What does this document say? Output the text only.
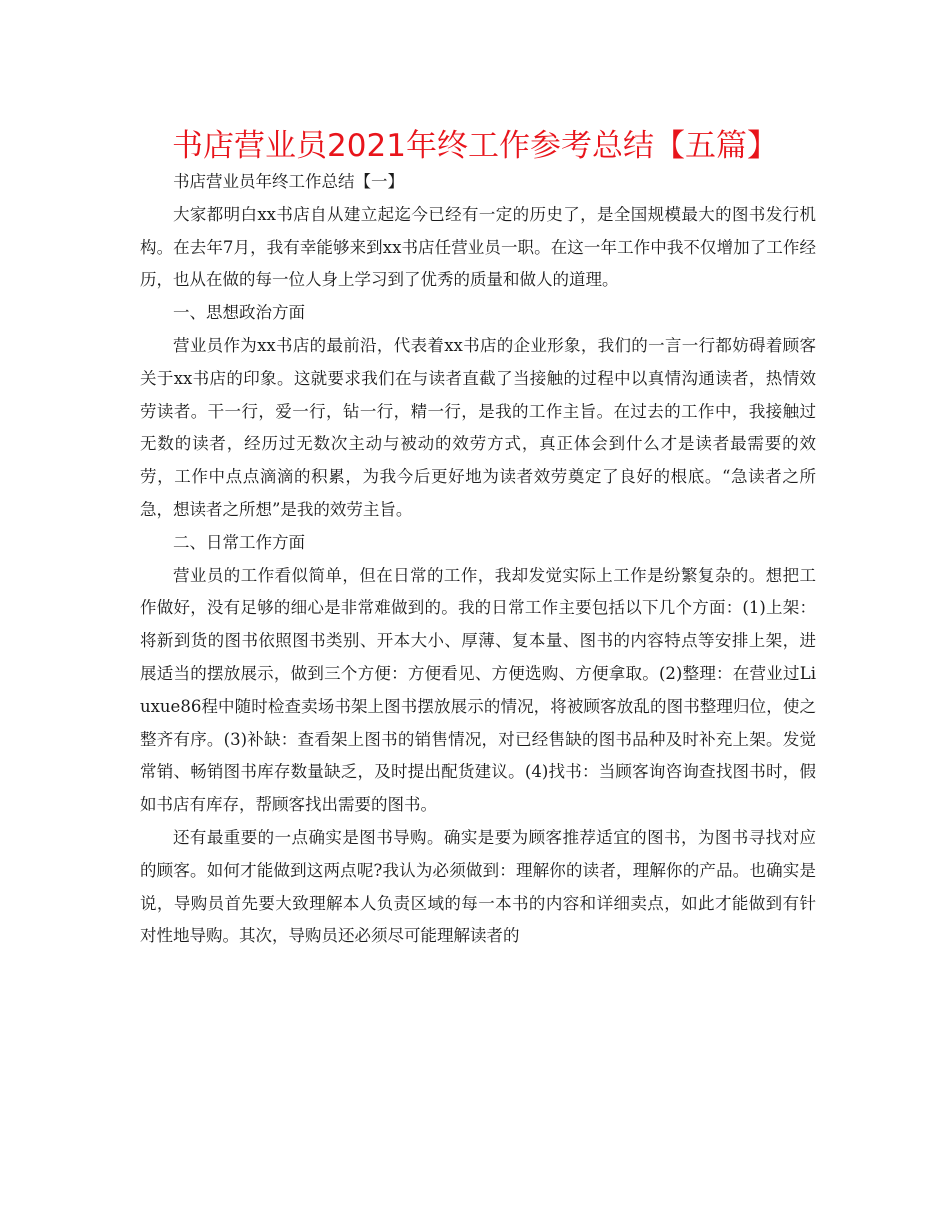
书店营业员2021年终工作参考总结【五篇】

书店营业员年终工作总结【一】

大家都明白xx书店自从建立起迄今已经有一定的历史了，是全国规模最大的图书发行机构。在去年7月，我有幸能够来到xx书店任营业员一职。在这一年工作中我不仅增加了工作经历，也从在做的每一位人身上学习到了优秀的质量和做人的道理。

一、思想政治方面

营业员作为xx书店的最前沿，代表着xx书店的企业形象，我们的一言一行都妨碍着顾客关于xx书店的印象。这就要求我们在与读者直截了当接触的过程中以真情沟通读者，热情效劳读者。干一行，爱一行，钻一行，精一行，是我的工作主旨。在过去的工作中，我接触过无数的读者，经历过无数次主动与被动的效劳方式，真正体会到什么才是读者最需要的效劳，工作中点点滴滴的积累，为我今后更好地为读者效劳奠定了良好的根底。“急读者之所急，想读者之所想”是我的效劳主旨。

二、日常工作方面

营业员的工作看似简单，但在日常的工作，我却发觉实际上工作是纷繁复杂的。想把工作做好，没有足够的细心是非常难做到的。我的日常工作主要包括以下几个方面：(1)上架：将新到货的图书依照图书类别、开本大小、厚薄、复本量、图书的内容特点等安排上架，进展适当的摆放展示，做到三个方便：方便看见、方便选购、方便拿取。(2)整理：在营业过Liuxue86程中随时检查卖场书架上图书摆放展示的情况，将被顾客放乱的图书整理归位，使之整齐有序。(3)补缺：查看架上图书的销售情况，对已经售缺的图书品种及时补充上架。发觉常销、畅销图书库存数量缺乏，及时提出配货建议。(4)找书：当顾客询咨询查找图书时，假如书店有库存，帮顾客找出需要的图书。

还有最重要的一点确实是图书导购。确实是要为顾客推荐适宜的图书，为图书寻找对应的顾客。如何才能做到这两点呢?我认为必须做到：理解你的读者，理解你的产品。也确实是说，导购员首先要大致理解本人负责区域的每一本书的内容和详细卖点，如此才能做到有针对性地导购。其次，导购员还必须尽可能理解读者的
